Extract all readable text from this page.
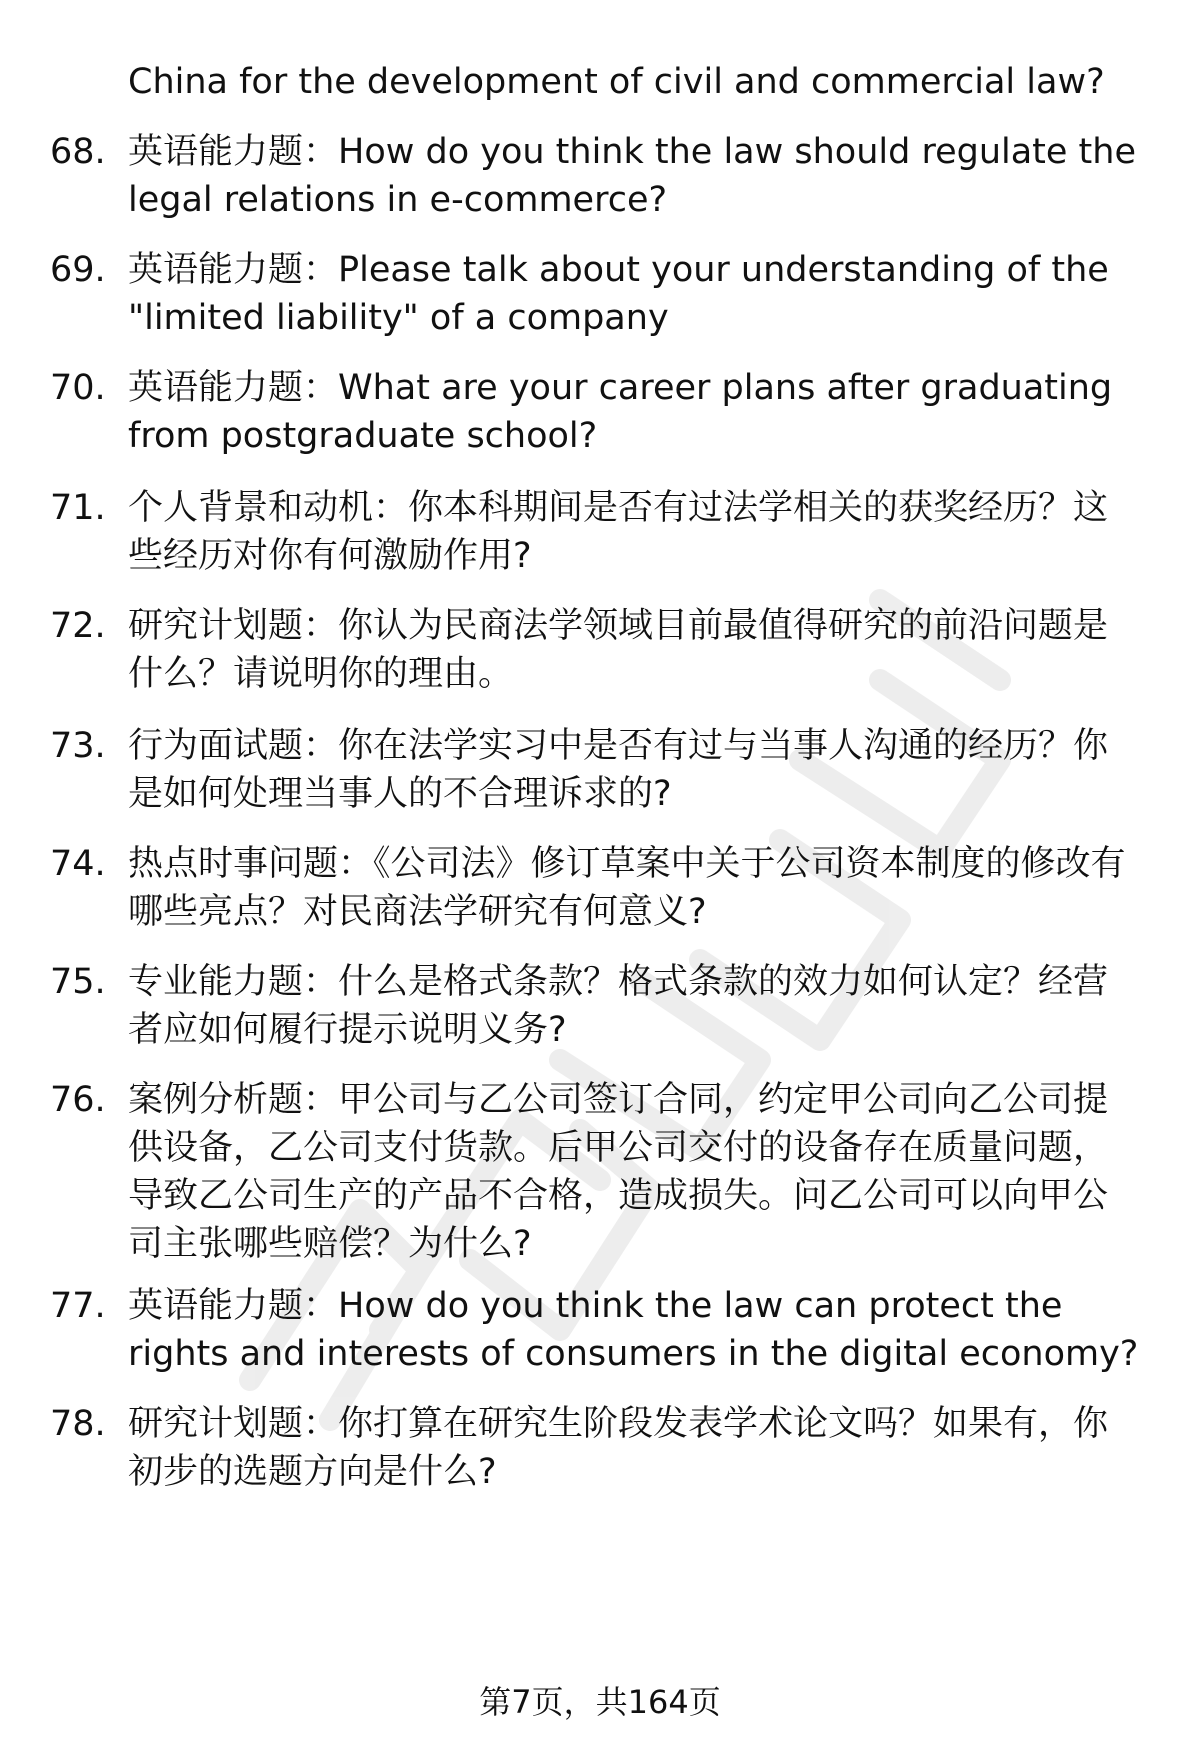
China for the development of civil and commercial law?
68. 英语能力题：How do you think the law should regulate the legal relations in e-commerce?
69. 英语能力题：Please talk about your understanding of the "limited liability" of a company
70. 英语能力题：What are your career plans after graduating from postgraduate school?
71. 个人背景和动机：你本科期间是否有过法学相关的获奖经历？这些经历对你有何激励作用?
72. 研究计划题：你认为民商法学领域目前最值得研究的前沿问题是什么？请说明你的理由。
73. 行为面试题：你在法学实习中是否有过与当事人沟通的经历？你是如何处理当事人的不合理诉求的?
74. 热点时事问题：《公司法》修订草案中关于公司资本制度的修改有哪些亮点？对民商法学研究有何意义?
75. 专业能力题：什么是格式条款？格式条款的效力如何认定？经营者应如何履行提示说明义务?
76. 案例分析题：甲公司与乙公司签订合同，约定甲公司向乙公司提供设备，乙公司支付货款。后甲公司交付的设备存在质量问题，导致乙公司生产的产品不合格，造成损失。问乙公司可以向甲公司主张哪些赔偿？为什么?
77. 英语能力题：How do you think the law can protect the rights and interests of consumers in the digital economy?
78. 研究计划题：你打算在研究生阶段发表学术论文吗？如果有，你初步的选题方向是什么?
第7页，共164页
